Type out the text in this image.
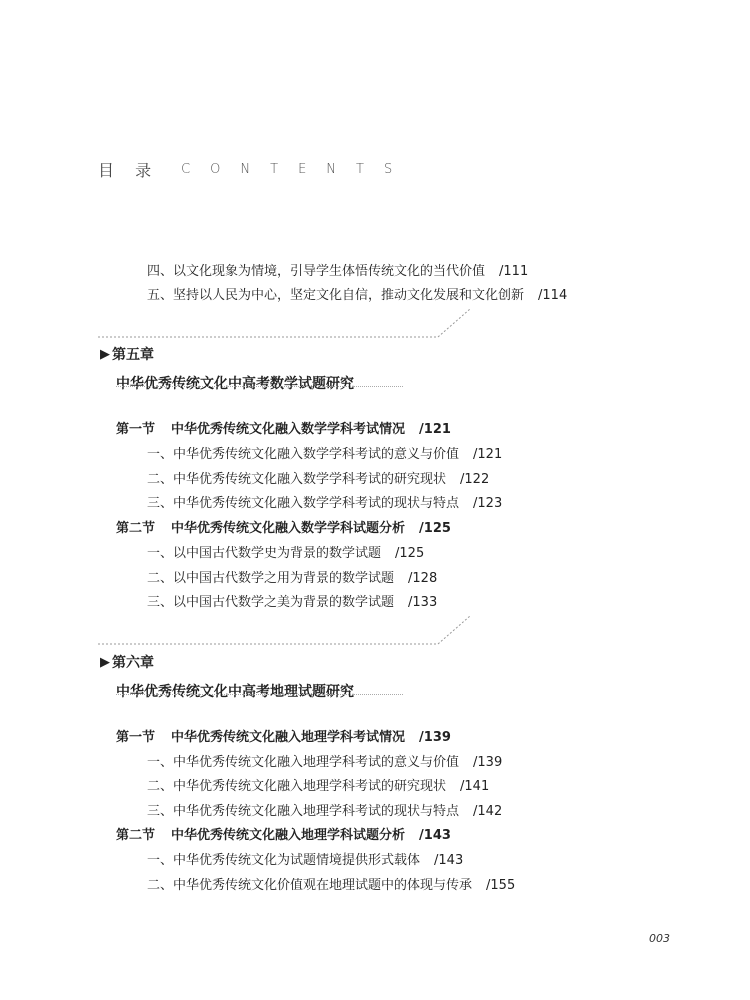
目 录 CONTENTS
四、以文化现象为情境，引导学生体悟传统文化的当代价值 /111
五、坚持以人民为中心，坚定文化自信，推动文化发展和文化创新 /114
▶ 第五章
中华优秀传统文化中高考数学试题研究
第一节 中华优秀传统文化融入数学学科考试情况 /121
一、中华优秀传统文化融入数学学科考试的意义与价值 /121
二、中华优秀传统文化融入数学学科考试的研究现状 /122
三、中华优秀传统文化融入数学学科考试的现状与特点 /123
第二节 中华优秀传统文化融入数学学科试题分析 /125
一、以中国古代数学史为背景的数学试题 /125
二、以中国古代数学之用为背景的数学试题 /128
三、以中国古代数学之美为背景的数学试题 /133
▶ 第六章
中华优秀传统文化中高考地理试题研究
第一节 中华优秀传统文化融入地理学科考试情况 /139
一、中华优秀传统文化融入地理学科考试的意义与价值 /139
二、中华优秀传统文化融入地理学科考试的研究现状 /141
三、中华优秀传统文化融入地理学科考试的现状与特点 /142
第二节 中华优秀传统文化融入地理学科试题分析 /143
一、中华优秀传统文化为试题情境提供形式载体 /143
二、中华优秀传统文化价值观在地理试题中的体现与传承 /155
003
